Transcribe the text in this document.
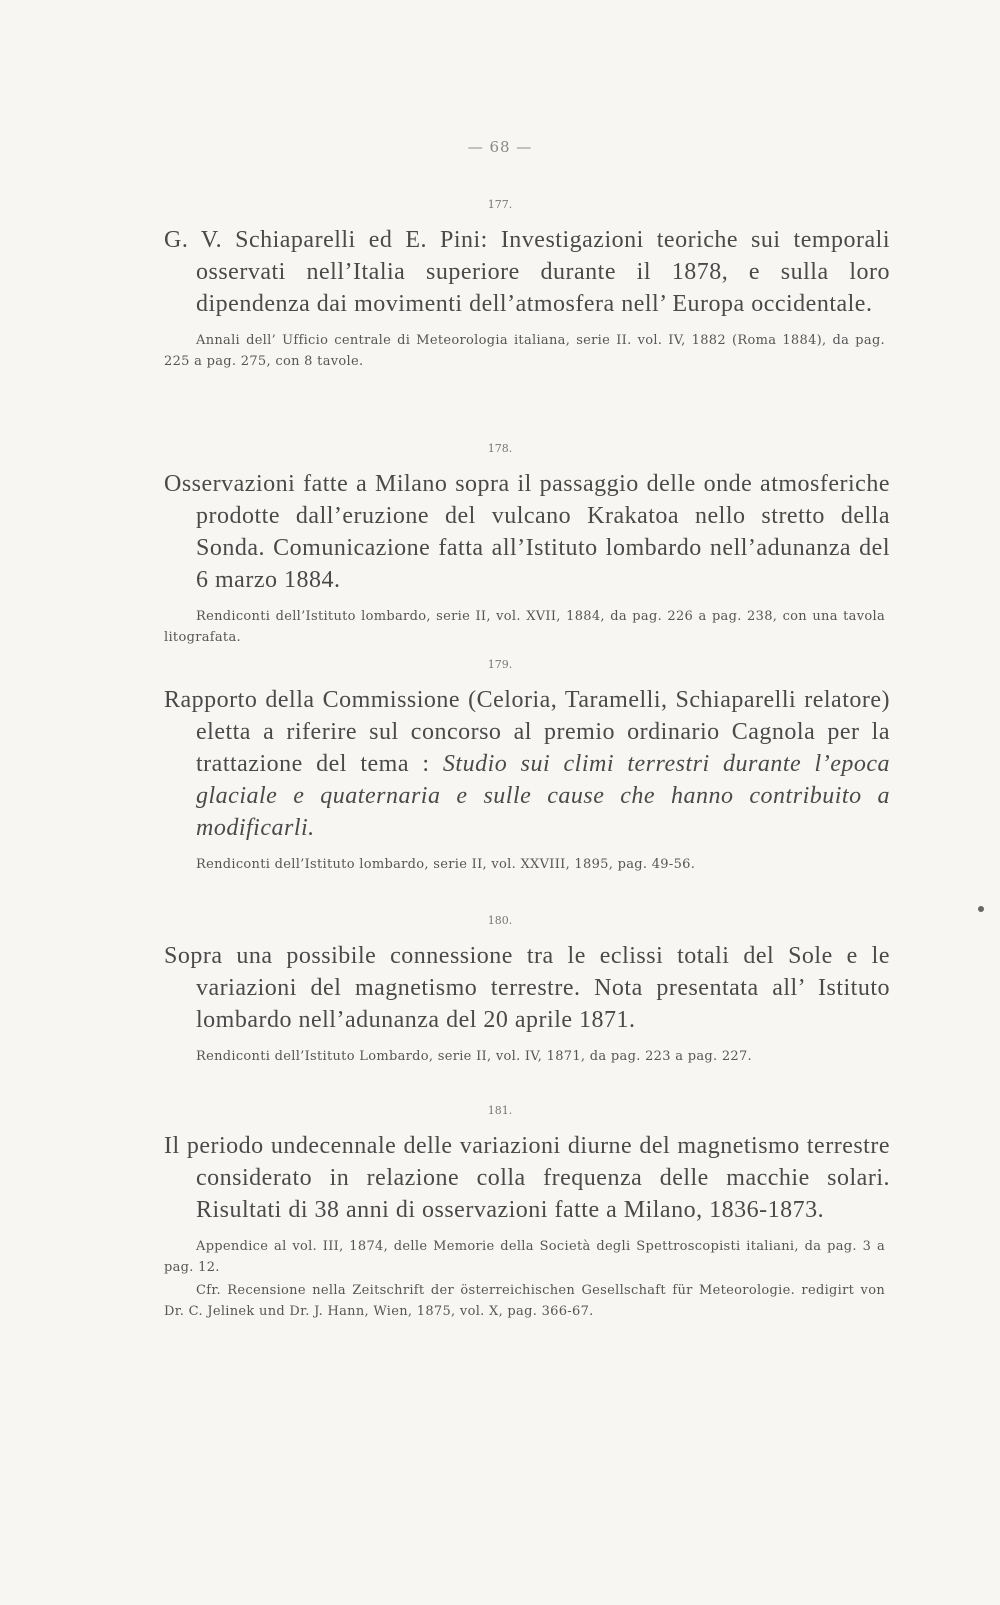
— 68 —

177.

G. V. Schiaparelli ed E. Pini: Investigazioni teoriche sui temporali osservati nell’Italia superiore durante il 1878, e sulla loro dipendenza dai movimenti dell’atmosfera nell’ Europa occidentale.

Annali dell’ Ufficio centrale di Meteorologia italiana, serie II. vol. IV, 1882 (Roma 1884), da pag. 225 a pag. 275, con 8 tavole.

178.

Osservazioni fatte a Milano sopra il passaggio delle onde atmosferiche prodotte dall’eruzione del vulcano Krakatoa nello stretto della Sonda. Comunicazione fatta all’Istituto lombardo nell’adunanza del 6 marzo 1884.

Rendiconti dell’Istituto lombardo, serie II, vol. XVII, 1884, da pag. 226 a pag. 238, con una tavola litografata.

179.

Rapporto della Commissione (Celoria, Taramelli, Schiaparelli relatore) eletta a riferire sul concorso al premio ordinario Cagnola per la trattazione del tema : Studio sui climi terrestri durante l’epoca glaciale e quaternaria e sulle cause che hanno contribuito a modificarli.

Rendiconti dell’Istituto lombardo, serie II, vol. XXVIII, 1895, pag. 49-56.

180.

Sopra una possibile connessione tra le eclissi totali del Sole e le variazioni del magnetismo terrestre. Nota presentata all’ Istituto lombardo nell’adunanza del 20 aprile 1871.

Rendiconti dell’Istituto Lombardo, serie II, vol. IV, 1871, da pag. 223 a pag. 227.

181.

Il periodo undecennale delle variazioni diurne del magnetismo terrestre considerato in relazione colla frequenza delle macchie solari. Risultati di 38 anni di osservazioni fatte a Milano, 1836-1873.

Appendice al vol. III, 1874, delle Memorie della Società degli Spettroscopisti italiani, da pag. 3 a pag. 12.

Cfr. Recensione nella Zeitschrift der österreichischen Gesellschaft für Meteorologie. redigirt von Dr. C. Jelinek und Dr. J. Hann, Wien, 1875, vol. X, pag. 366-67.
